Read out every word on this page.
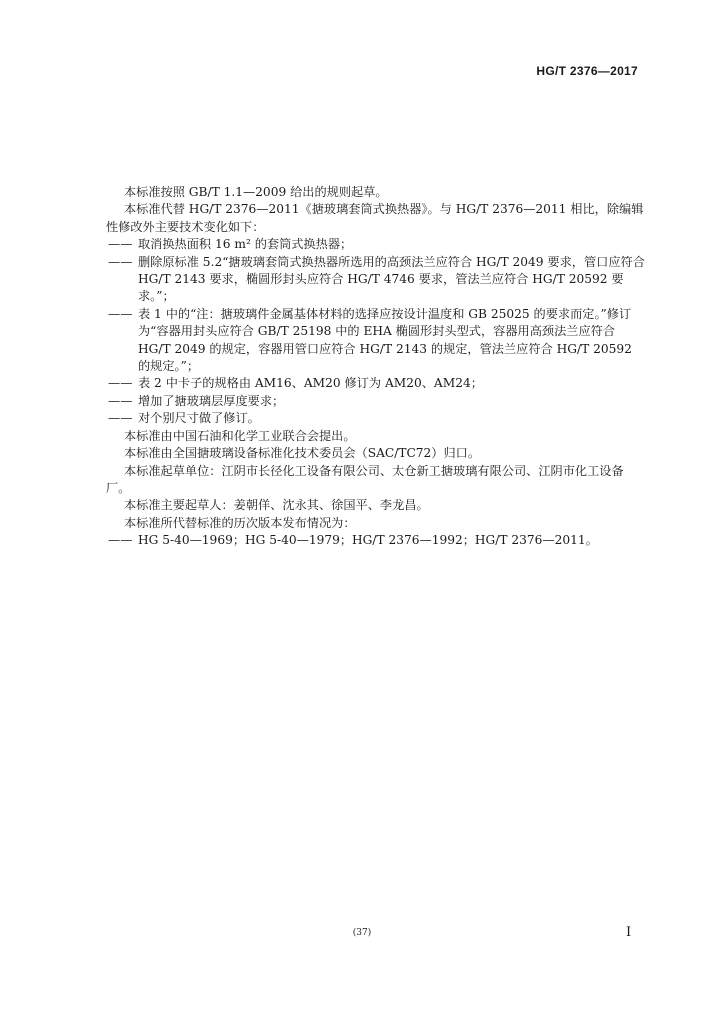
HG/T 2376—2017

本标准按照 GB/T 1.1—2009 给出的规则起草。

本标准代替 HG/T 2376—2011《搪玻璃套筒式换热器》。与 HG/T 2376—2011 相比，除编辑性修改外主要技术变化如下：

—— 取消换热面积 16 m² 的套筒式换热器；

—— 删除原标准 5.2“搪玻璃套筒式换热器所选用的高颈法兰应符合 HG/T 2049 要求，管口应符合 HG/T 2143 要求，椭圆形封头应符合 HG/T 4746 要求，管法兰应符合 HG/T 20592 要求。”；

—— 表 1 中的“注：搪玻璃件金属基体材料的选择应按设计温度和 GB 25025 的要求而定。”修订为“容器用封头应符合 GB/T 25198 中的 EHA 椭圆形封头型式，容器用高颈法兰应符合 HG/T 2049 的规定，容器用管口应符合 HG/T 2143 的规定，管法兰应符合 HG/T 20592 的规定。”；

—— 表 2 中卡子的规格由 AM16、AM20 修订为 AM20、AM24；

—— 增加了搪玻璃层厚度要求；

—— 对个别尺寸做了修订。

本标准由中国石油和化学工业联合会提出。

本标准由全国搪玻璃设备标准化技术委员会（SAC/TC72）归口。

本标准起草单位：江阴市长径化工设备有限公司、太仓新工搪玻璃有限公司、江阴市化工设备厂。

本标准主要起草人：姜朝佯、沈永其、徐国平、李龙昌。

本标准所代替标准的历次版本发布情况为：

—— HG 5-40—1969；HG 5-40—1979；HG/T 2376—1992；HG/T 2376—2011。

(37)	I
